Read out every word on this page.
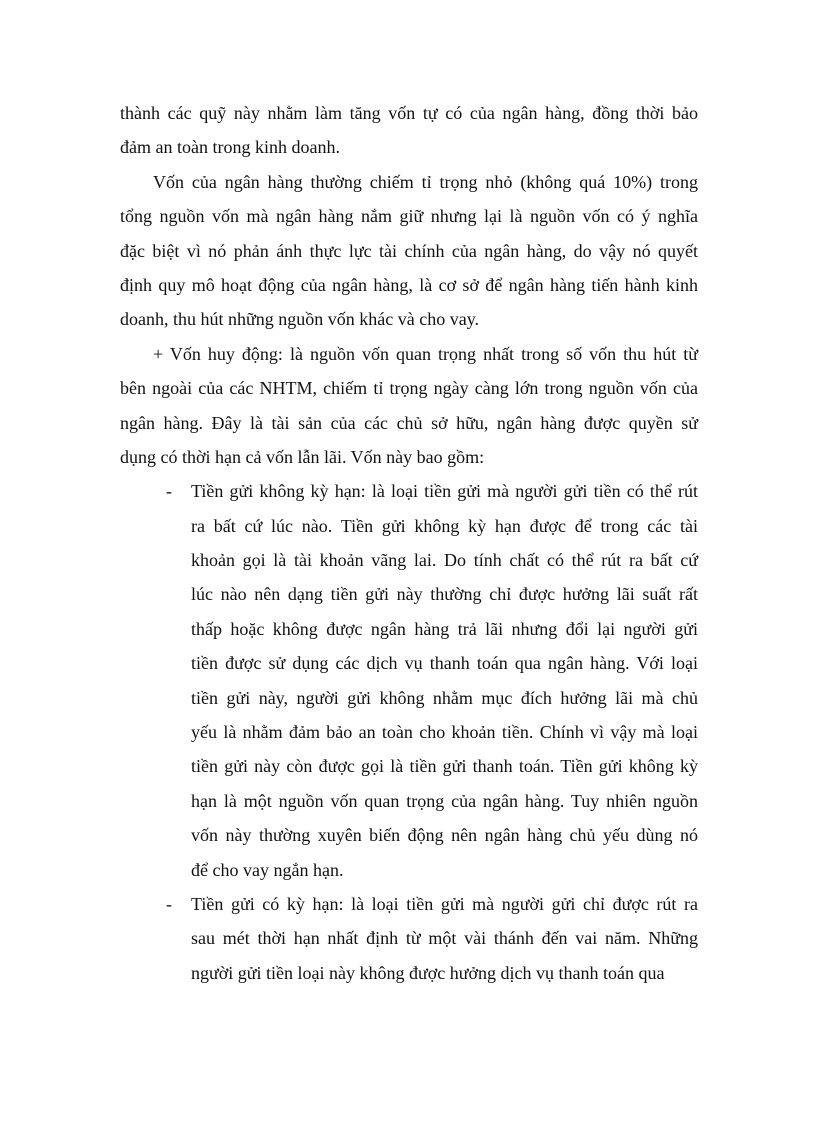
thành các quỹ này nhằm làm tăng vốn tự có của ngân hàng, đồng thời bảo
đảm an toàn trong kinh doanh.
Vốn của ngân hàng thường chiếm tỉ trọng nhỏ (không quá 10%) trong
tổng nguồn vốn mà ngân hàng nắm giữ nhưng lại là nguồn vốn có ý nghĩa
đặc biệt vì nó phản ánh thực lực tài chính của ngân hàng, do vậy nó quyết
định quy mô hoạt động của ngân hàng, là cơ sở để ngân hàng tiến hành kinh
doanh, thu hút những nguồn vốn khác và cho vay.
+ Vốn huy động: là nguồn vốn quan trọng nhất trong số vốn thu hút từ
bên ngoài của các NHTM, chiếm tỉ trọng ngày càng lớn trong nguồn vốn của
ngân hàng. Đây là tài sản của các chủ sở hữu, ngân hàng được quyền sử
dụng có thời hạn cả vốn lẫn lãi. Vốn này bao gồm:
- Tiền gửi không kỳ hạn: là loại tiền gửi mà người gửi tiền có thể rút
ra bất cứ lúc nào. Tiền gửi không kỳ hạn được để trong các tài
khoản gọi là tài khoản vãng lai. Do tính chất có thể rút ra bất cứ
lúc nào nên dạng tiền gửi này thường chỉ được hưởng lãi suất rất
thấp hoặc không được ngân hàng trả lãi nhưng đổi lại người gửi
tiền được sử dụng các dịch vụ thanh toán qua ngân hàng. Với loại
tiền gửi này, người gửi không nhằm mục đích hưởng lãi mà chủ
yếu là nhằm đảm bảo an toàn cho khoản tiền. Chính vì vậy mà loại
tiền gửi này còn được gọi là tiền gửi thanh toán. Tiền gửi không kỳ
hạn là một nguồn vốn quan trọng của ngân hàng. Tuy nhiên nguồn
vốn này thường xuyên biến động nên ngân hàng chủ yếu dùng nó
để cho vay ngắn hạn.
- Tiền gửi có kỳ hạn: là loại tiền gửi mà người gửi chỉ được rút ra
sau mét thời hạn nhất định từ một vài thánh đến vai năm. Những
người gửi tiền loại này không được hưởng dịch vụ thanh toán qua
